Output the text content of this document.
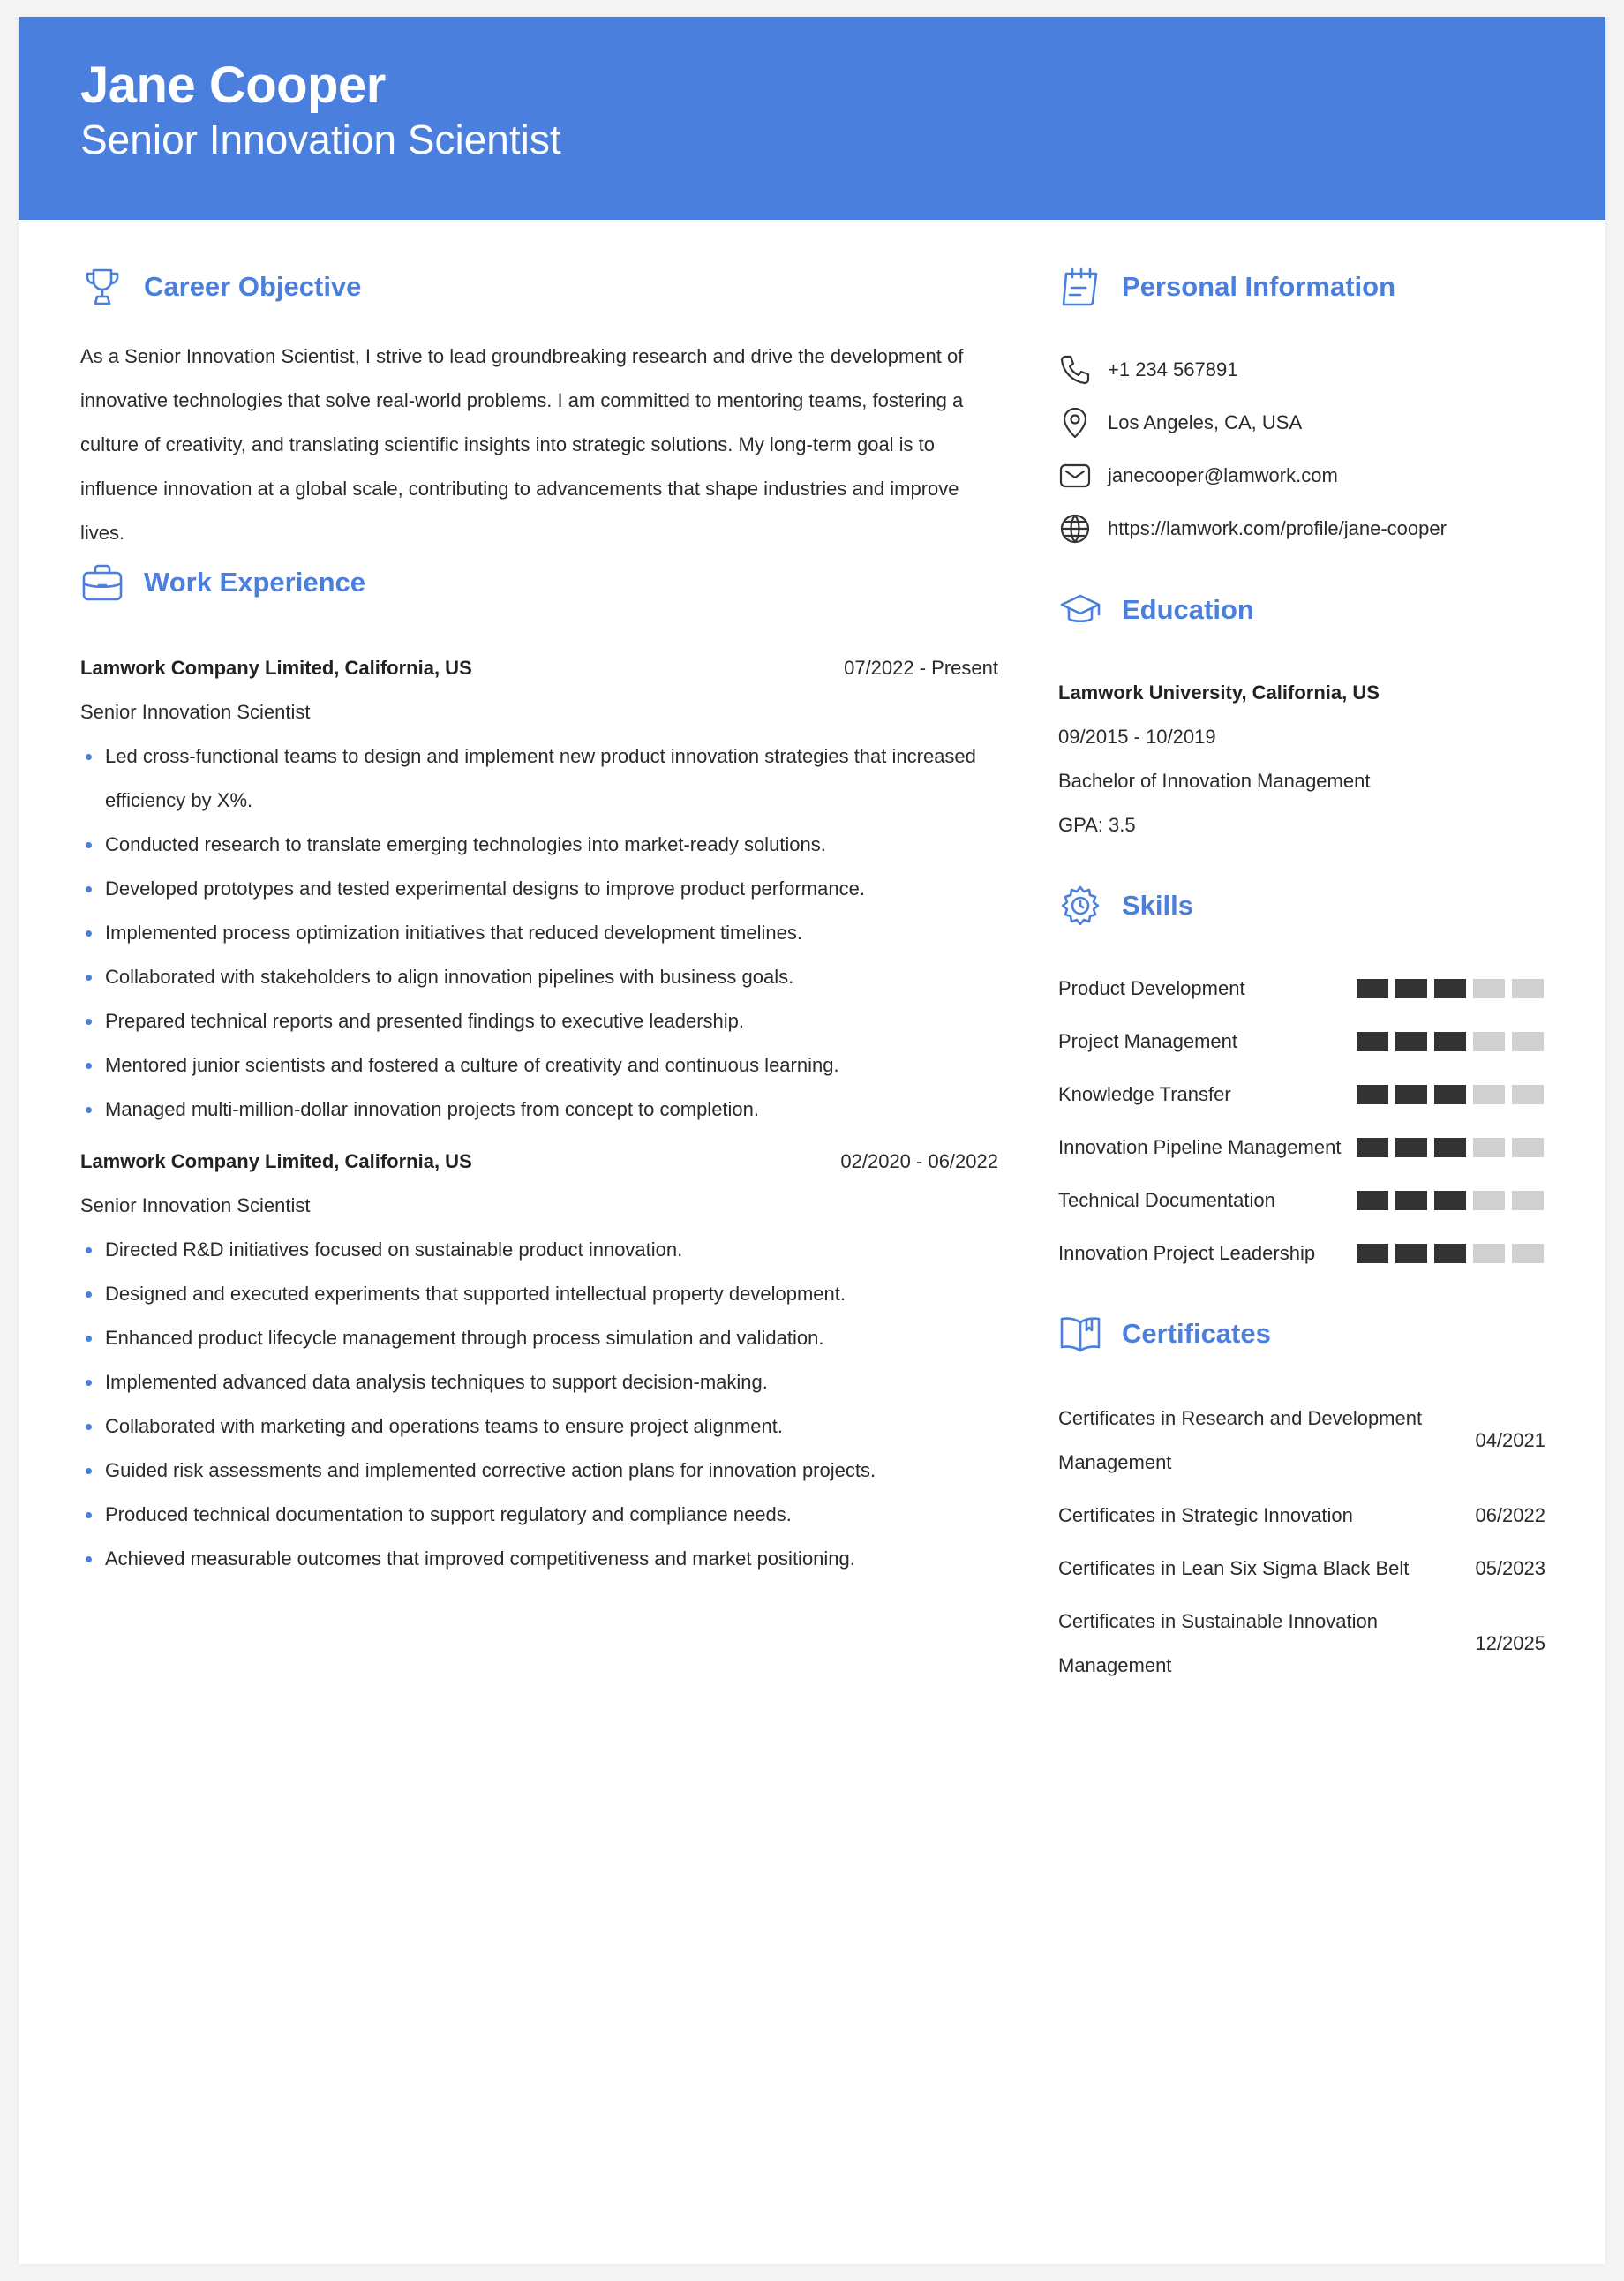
Jane Cooper
Senior Innovation Scientist
Career Objective
As a Senior Innovation Scientist, I strive to lead groundbreaking research and drive the development of
innovative technologies that solve real-world problems. I am committed to mentoring teams, fostering a
culture of creativity, and translating scientific insights into strategic solutions. My long-term goal is to
influence innovation at a global scale, contributing to advancements that shape industries and improve lives.
Work Experience
Lamwork Company Limited, California, US	07/2022 - Present
Senior Innovation Scientist
Led cross-functional teams to design and implement new product innovation strategies that increased
efficiency by X%.
Conducted research to translate emerging technologies into market-ready solutions.
Developed prototypes and tested experimental designs to improve product performance.
Implemented process optimization initiatives that reduced development timelines.
Collaborated with stakeholders to align innovation pipelines with business goals.
Prepared technical reports and presented findings to executive leadership.
Mentored junior scientists and fostered a culture of creativity and continuous learning.
Managed multi-million-dollar innovation projects from concept to completion.
Lamwork Company Limited, California, US	02/2020 - 06/2022
Senior Innovation Scientist
Directed R&D initiatives focused on sustainable product innovation.
Designed and executed experiments that supported intellectual property development.
Enhanced product lifecycle management through process simulation and validation.
Implemented advanced data analysis techniques to support decision-making.
Collaborated with marketing and operations teams to ensure project alignment.
Guided risk assessments and implemented corrective action plans for innovation projects.
Produced technical documentation to support regulatory and compliance needs.
Achieved measurable outcomes that improved competitiveness and market positioning.
Personal Information
+1 234 567891
Los Angeles, CA, USA
janecooper@lamwork.com
https://lamwork.com/profile/jane-cooper
Education
Lamwork University, California, US
09/2015 - 10/2019
Bachelor of Innovation Management
GPA: 3.5
Skills
Product Development
Project Management
Knowledge Transfer
Innovation Pipeline Management
Technical Documentation
Innovation Project Leadership
Certificates
Certificates in Research and Development Management
04/2021
Certificates in Strategic Innovation	06/2022
Certificates in Lean Six Sigma Black Belt	05/2023
Certificates in Sustainable Innovation Management
12/2025
